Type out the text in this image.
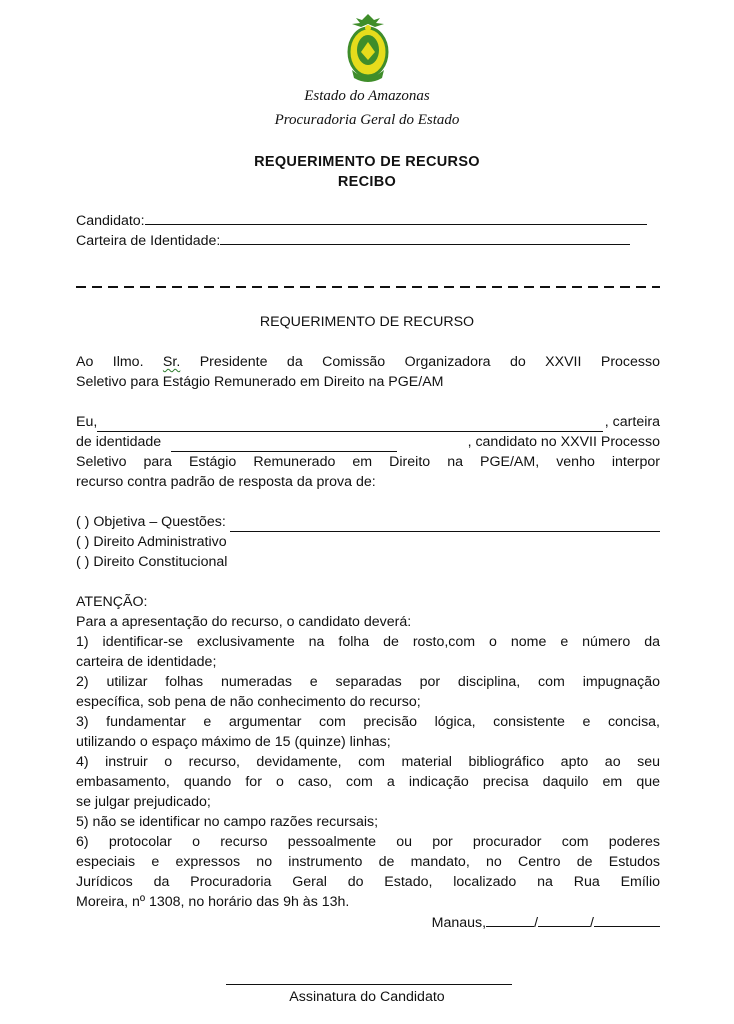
Estado do Amazonas
Procuradoria Geral do Estado
REQUERIMENTO DE RECURSO
RECIBO
Candidato:
Carteira de Identidade:
REQUERIMENTO DE RECURSO
Ao Ilmo. Sr. Presidente da Comissão Organizadora do XXVII Processo
Seletivo para Estágio Remunerado em Direito na PGE/AM
Eu,	, carteira
de identidade	, candidato no XXVII Processo
Seletivo para Estágio Remunerado em Direito na PGE/AM, venho interpor
recurso contra padrão de resposta da prova de:
( ) Objetiva – Questões:
( ) Direito Administrativo
( ) Direito Constitucional
ATENÇÃO:
Para a apresentação do recurso, o candidato deverá:
1) identificar-se exclusivamente na folha de rosto,com o nome e número da
carteira de identidade;
2) utilizar folhas numeradas e separadas por disciplina, com impugnação
específica, sob pena de não conhecimento do recurso;
3) fundamentar e argumentar com precisão lógica, consistente e concisa,
utilizando o espaço máximo de 15 (quinze) linhas;
4) instruir o recurso, devidamente, com material bibliográfico apto ao seu
embasamento, quando for o caso, com a indicação precisa daquilo em que
se julgar prejudicado;
5) não se identificar no campo razões recursais;
6) protocolar o recurso pessoalmente ou por procurador com poderes
especiais e expressos no instrumento de mandato, no Centro de Estudos
Jurídicos da Procuradoria Geral do Estado, localizado na Rua Emílio
Moreira, nº 1308, no horário das 9h às 13h.
Manaus,	/	/
Assinatura do Candidato
